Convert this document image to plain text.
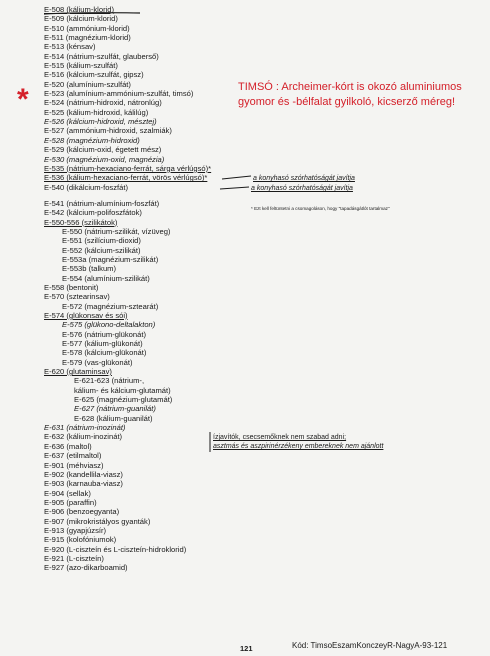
E-508 (kálium-klorid)
E-509 (kálcium-klorid)
E-510 (ammónium-klorid)
E-511 (magnézium-klorid)
E-513 (kénsav)
E-514 (nátrium-szulfát, glauberső)
E-515 (kálium-szulfát)
E-516 (kálcium-szulfát, gipsz)
E-520 (alumínium-szulfát)
E-523 (alumínium-ammónium-szulfát, timsó)
E-524 (nátrium-hidroxid, nátronlúg)
E-525 (kálium-hidroxid, kálilúg)
E-526 (kálcium-hidroxid, mésztej)
E-527 (ammónium-hidroxid, szalmiák)
E-528 (magnézium-hidroxid)
E-529 (kálcium-oxid, égetett mész)
E-530 (magnézium-oxid, magnézia)
E-535 (nátrium-hexaciano-ferrát, sárga vérlúgsó)*
E-536 (kálium-hexaciano-ferrát, vörös vérlúgsó)*
E-540 (dikálcium-foszfát)
E-541 (nátrium-alumínium-foszfát)
E-542 (kálcium-polifoszfátok)
E-550-556 (szilikátok)
E-550 (nátrium-szilikát, vízüveg)
E-551 (szilícium-dioxid)
E-552 (kálcium-szilikát)
E-553a (magnézium-szilikát)
E-553b (talkum)
E-554 (alumínium-szilikát)
E-558 (bentonit)
E-570 (sztearinsav)
E-572 (magnézium-sztearát)
E-574 (glükonsav és sói)
E-575 (glükono-deltalakton)
E-576 (nátrium-glükonát)
E-577 (kálium-glükonát)
E-578 (kálcium-glükonát)
E-579 (vas-glükonát)
E-620 (glutaminsav)
E-621-623 (nátrium-,
kálium- és kálcium-glutamát)
E-625 (magnézium-glutamát)
E-627 (nátrium-guanilát)
E-628 (kálium-guanilát)
E-631 (nátrium-inozinát)
E-632 (kálium-inozinát)
E-636 (maltol)
E-637 (etilmaltol)
E-901 (méhviasz)
E-902 (kandellila-viasz)
E-903 (karnauba-viasz)
E-904 (sellak)
E-905 (paraffin)
E-906 (benzoegyanta)
E-907 (mikrokristályos gyanták)
E-913 (gyapjúzsír)
E-915 (kolofóniumok)
E-920 (L-ciszteín és L-ciszteín-hidroklorid)
E-921 (L-ciszteín)
E-927 (azo-dikarboamid)
*	TIMSÓ : Archeimer-kórt is okozó aluminiumos gyomor és -bélfalat gyilkoló, kicserző méreg!
a konyhasó szórhatóságát javítja
a konyhasó szórhatóságát javítja
* Ezt kell feltüntetni a csomagoláson, hogy "tapadásgátlót tartalmaz"
ízjavítók, csecsemőknek nem szabad adni;
asztmás és aszpirinérzékeny embereknek nem ajánlott
121	Kód: TimsoEszamKonczeyR-NagyA-93-121
